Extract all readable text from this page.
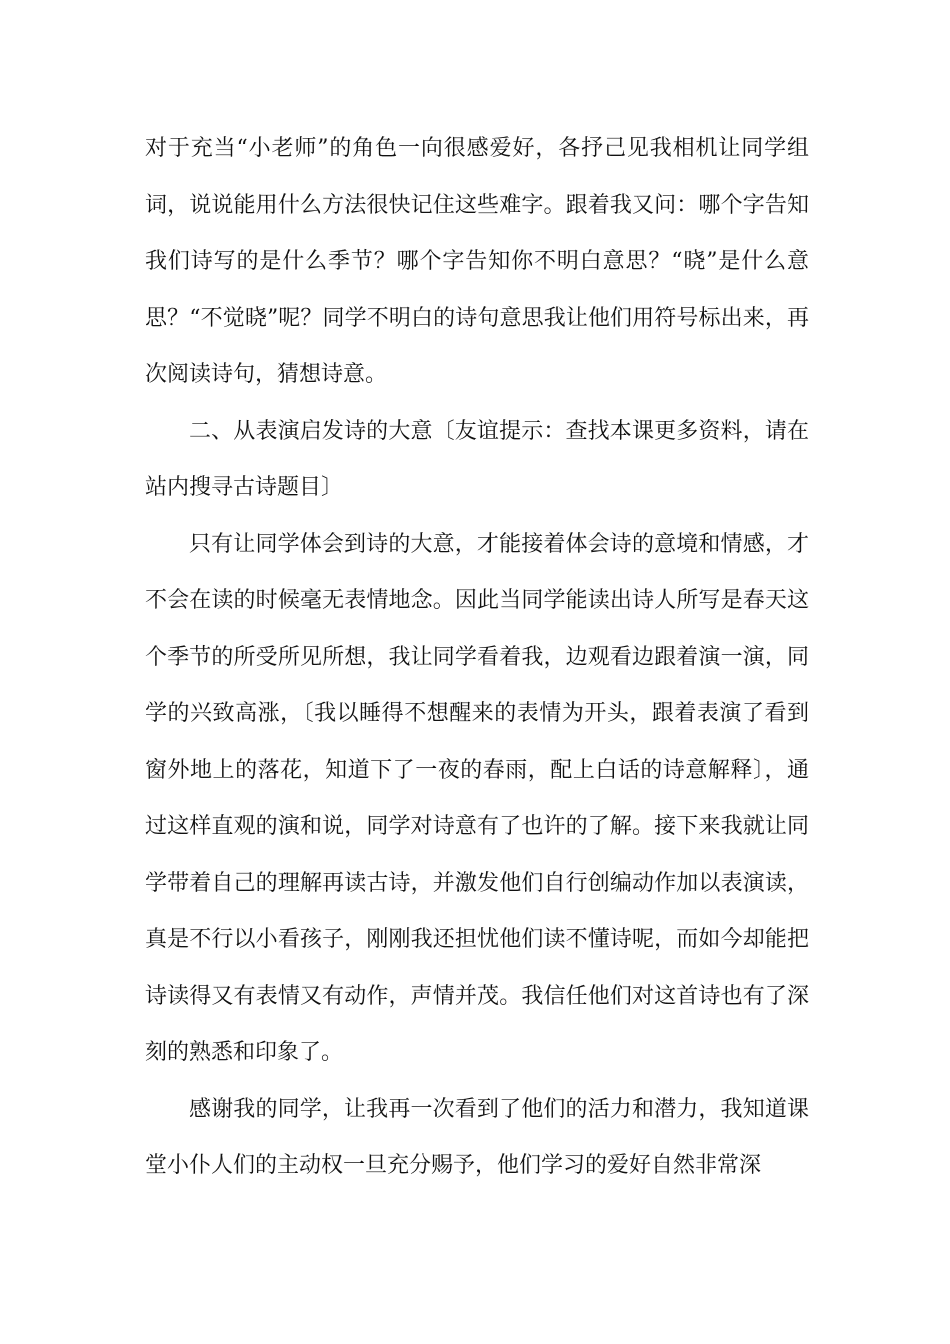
对于充当“小老师”的角色一向很感爱好，各抒己见我相机让同学组词，说说能用什么方法很快记住这些难字。跟着我又问：哪个字告知我们诗写的是什么季节？哪个字告知你不明白意思？“晓”是什么意思？“不觉晓”呢？同学不明白的诗句意思我让他们用符号标出来，再次阅读诗句，猜想诗意。

二、从表演启发诗的大意〔友谊提示：查找本课更多资料，请在站内搜寻古诗题目〕

只有让同学体会到诗的大意，才能接着体会诗的意境和情感，才不会在读的时候毫无表情地念。因此当同学能读出诗人所写是春天这个季节的所受所见所想，我让同学看着我，边观看边跟着演一演，同学的兴致高涨，〔我以睡得不想醒来的表情为开头，跟着表演了看到窗外地上的落花，知道下了一夜的春雨，配上白话的诗意解释〕，通过这样直观的演和说，同学对诗意有了也许的了解。接下来我就让同学带着自己的理解再读古诗，并激发他们自行创编动作加以表演读，真是不行以小看孩子，刚刚我还担忧他们读不懂诗呢，而如今却能把诗读得又有表情又有动作，声情并茂。我信任他们对这首诗也有了深刻的熟悉和印象了。

感谢我的同学，让我再一次看到了他们的活力和潜力，我知道课堂小仆人们的主动权一旦充分赐予，他们学习的爱好自然非常深
